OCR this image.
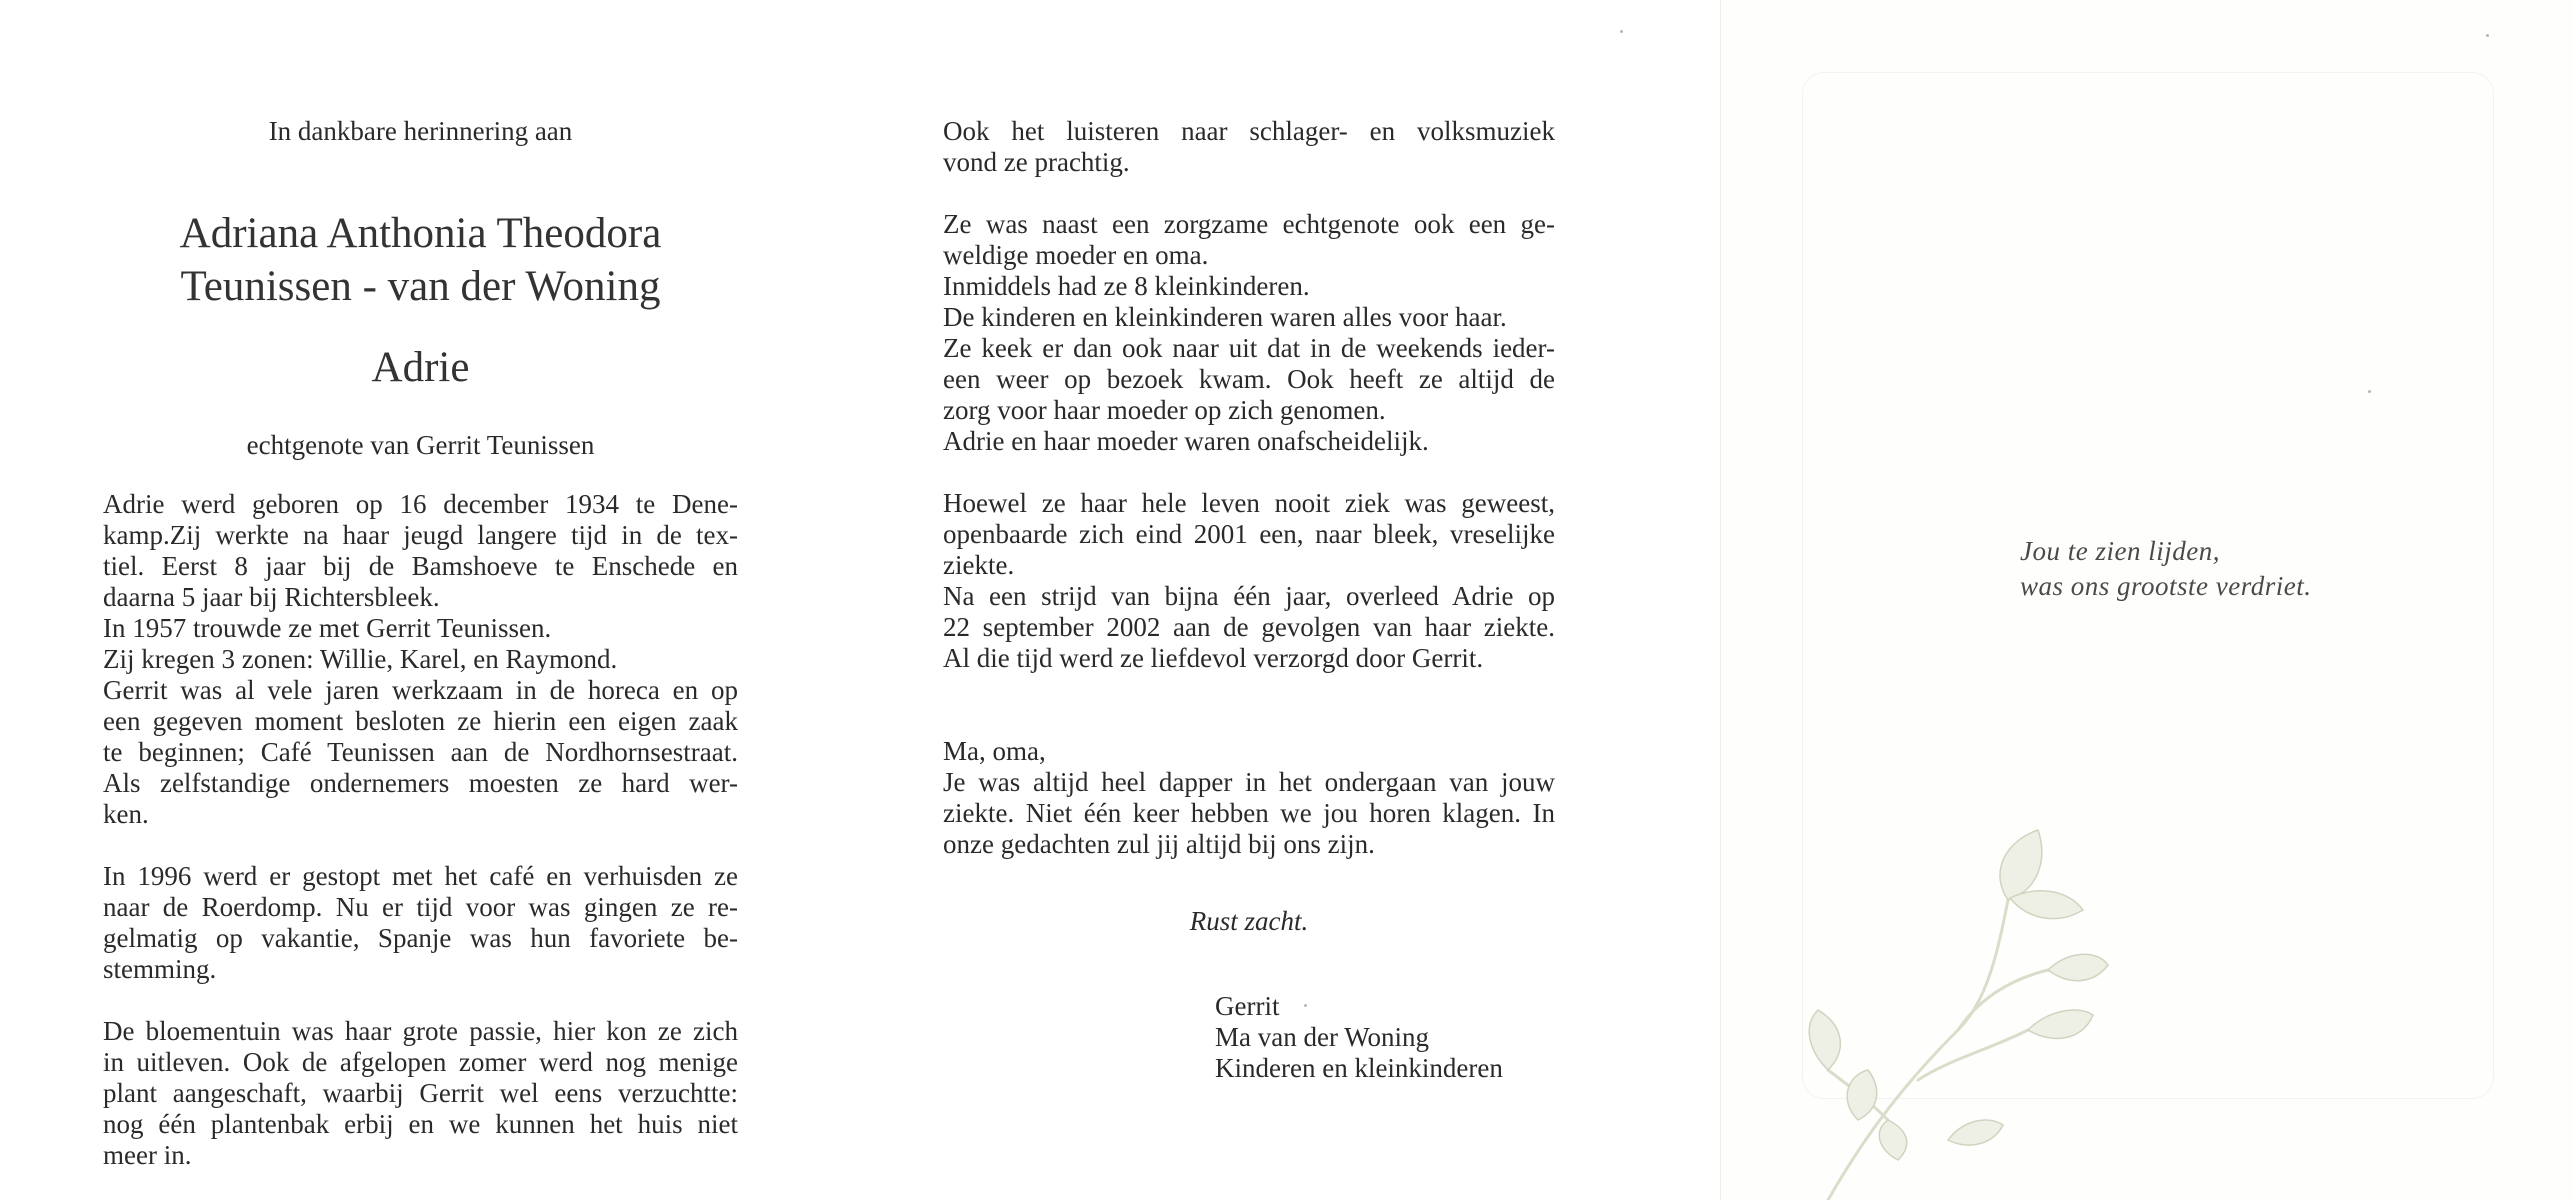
In dankbare herinnering aan
Adriana Anthonia Theodora
Teunissen - van der Woning
Adrie
echtgenote van Gerrit Teunissen
Adrie werd geboren op 16 december 1934 te Dene-
kamp.Zij werkte na haar jeugd langere tijd in de tex-
tiel. Eerst 8 jaar bij de Bamshoeve te Enschede en
daarna 5 jaar bij Richtersbleek.
In 1957 trouwde ze met Gerrit Teunissen.
Zij kregen 3 zonen: Willie, Karel, en Raymond.
Gerrit was al vele jaren werkzaam in de horeca en op
een gegeven moment besloten ze hierin een eigen zaak
te beginnen; Café Teunissen aan de Nordhornsestraat.
Als zelfstandige ondernemers moesten ze hard wer-
ken.
In 1996 werd er gestopt met het café en verhuisden ze
naar de Roerdomp. Nu er tijd voor was gingen ze re-
gelmatig op vakantie, Spanje was hun favoriete be-
stemming.
De bloementuin was haar grote passie, hier kon ze zich
in uitleven. Ook de afgelopen zomer werd nog menige
plant aangeschaft, waarbij Gerrit wel eens verzuchtte:
nog één plantenbak erbij en we kunnen het huis niet
meer in.
Ook het luisteren naar schlager- en volksmuziek
vond ze prachtig.
Ze was naast een zorgzame echtgenote ook een ge-
weldige moeder en oma.
Inmiddels had ze 8 kleinkinderen.
De kinderen en kleinkinderen waren alles voor haar.
Ze keek er dan ook naar uit dat in de weekends ieder-
een weer op bezoek kwam. Ook heeft ze altijd de
zorg voor haar moeder op zich genomen.
Adrie en haar moeder waren onafscheidelijk.
Hoewel ze haar hele leven nooit ziek was geweest,
openbaarde zich eind 2001 een, naar bleek, vreselijke
ziekte.
Na een strijd van bijna één jaar, overleed Adrie op
22 september 2002 aan de gevolgen van haar ziekte.
Al die tijd werd ze liefdevol verzorgd door Gerrit.
Ma, oma,
Je was altijd heel dapper in het ondergaan van jouw
ziekte. Niet één keer hebben we jou horen klagen. In
onze gedachten zul jij altijd bij ons zijn.
Rust zacht.
Gerrit
Ma van der Woning
Kinderen en kleinkinderen
Jou te zien lijden,
was ons grootste verdriet.
